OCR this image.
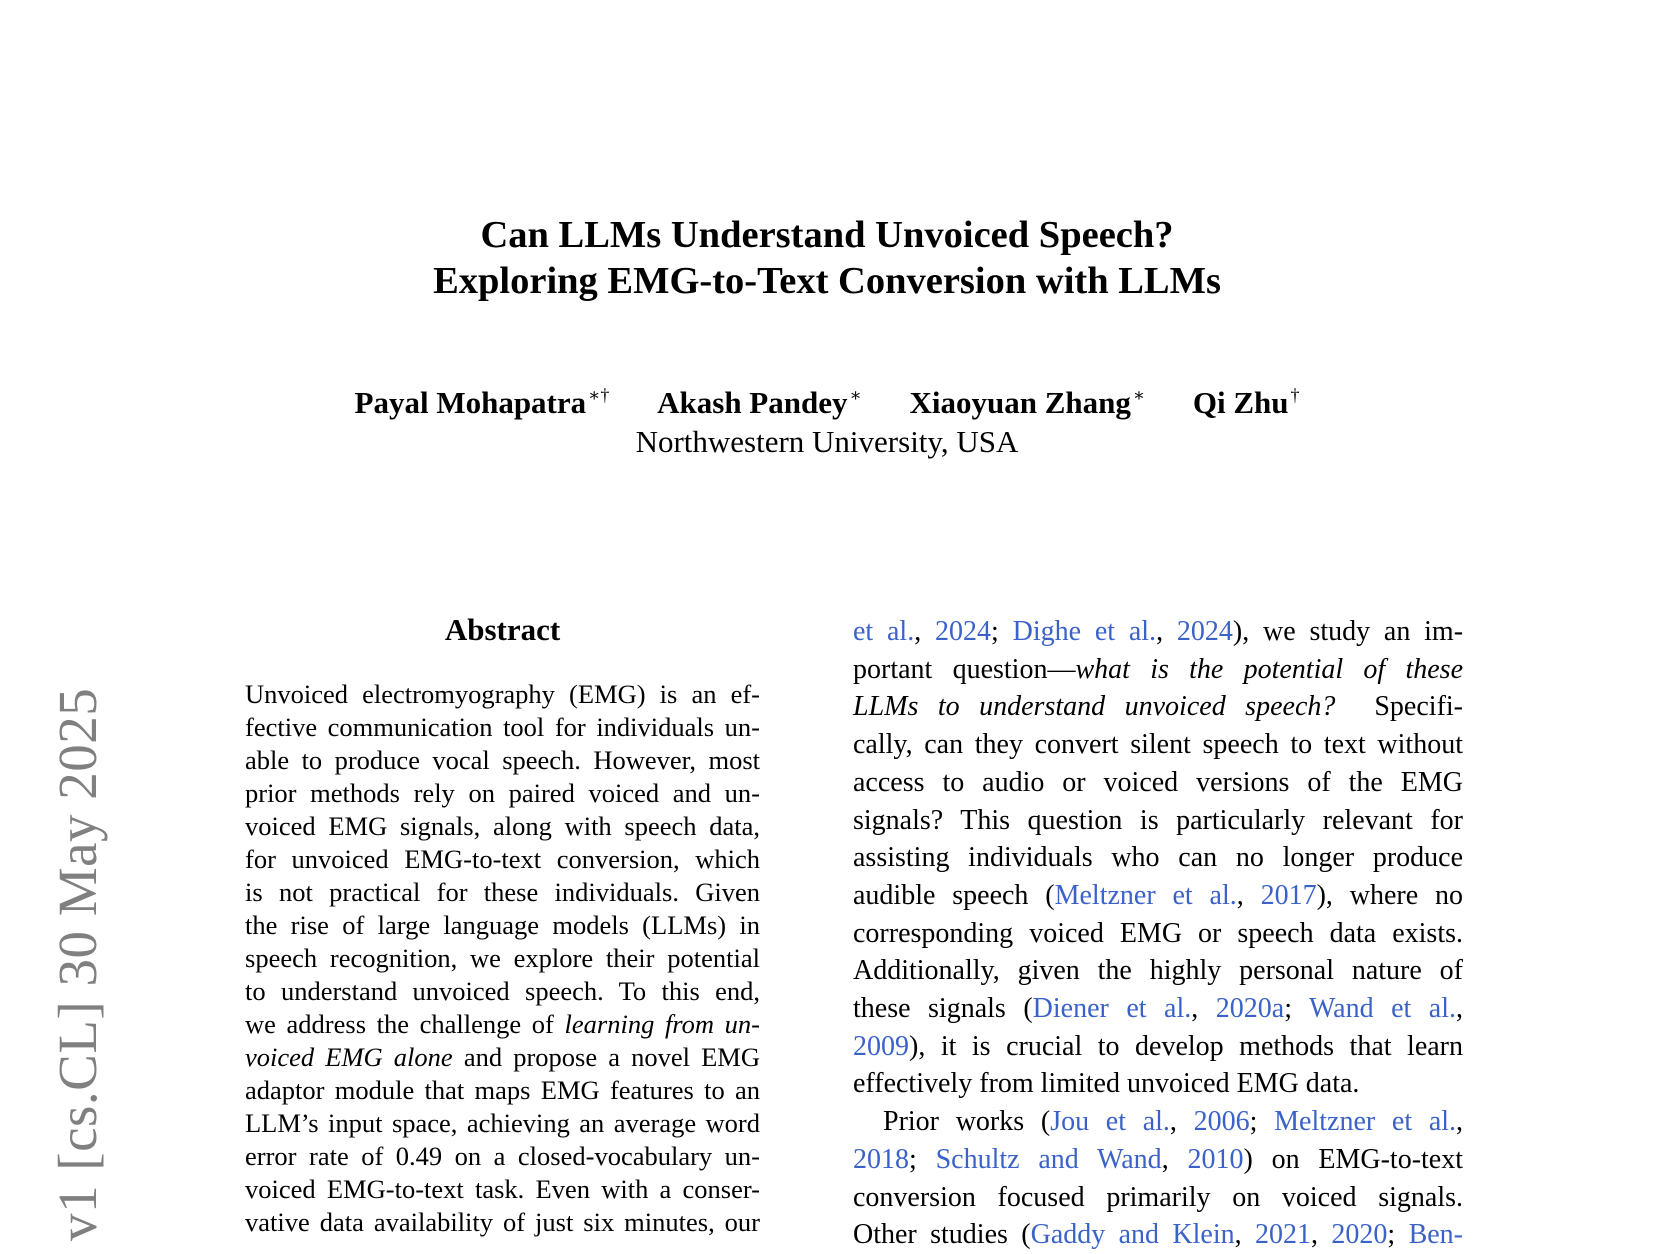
Can LLMs Understand Unvoiced Speech?
Exploring EMG-to-Text Conversion with LLMs
Payal Mohapatra ∗† Akash Pandey ∗ Xiaoyuan Zhang ∗ Qi Zhu †
Northwestern University, USA
v1 [cs.CL] 30 May 2025
Abstract
Unvoiced electromyography (EMG) is an ef-
fective communication tool for individuals un-
able to produce vocal speech. However, most
prior methods rely on paired voiced and un-
voiced EMG signals, along with speech data,
for unvoiced EMG-to-text conversion, which
is not practical for these individuals. Given
the rise of large language models (LLMs) in
speech recognition, we explore their potential
to understand unvoiced speech. To this end,
we address the challenge of learning from un-
voiced EMG alone and propose a novel EMG
adaptor module that maps EMG features to an
LLM’s input space, achieving an average word
error rate of 0.49 on a closed-vocabulary un-
voiced EMG-to-text task. Even with a conser-
vative data availability of just six minutes, our
et al., 2024; Dighe et al., 2024), we study an im-
portant question—what is the potential of these
LLMs to understand unvoiced speech?  Specifi-
cally, can they convert silent speech to text without
access to audio or voiced versions of the EMG
signals? This question is particularly relevant for
assisting individuals who can no longer produce
audible speech (Meltzner et al., 2017), where no
corresponding voiced EMG or speech data exists.
Additionally, given the highly personal nature of
these signals (Diener et al., 2020a; Wand et al.,
2009), it is crucial to develop methods that learn
effectively from limited unvoiced EMG data.
Prior works (Jou et al., 2006; Meltzner et al.,
2018; Schultz and Wand, 2010) on EMG-to-text
conversion focused primarily on voiced signals.
Other studies (Gaddy and Klein, 2021, 2020; Ben-
